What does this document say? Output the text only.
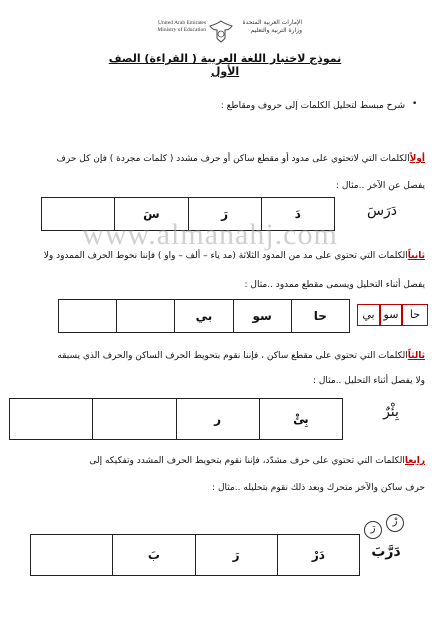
United Arab Emirates
Ministry of Education
الإمارات العربية المتحدة
وزارة التربية والتعليم
نموذج لاختبار اللغة العربية ( القراءة) الصف الأول
•
شرح مبسط لتحليل الكلمات إلى حروف ومقاطع :
أولاًالكلمات التي لاتحتوي على مدود أو مقطع ساكن أو حرف مشدد ( كلمات مجردة ) فإن كل حرف
يفصل عن الآخر ..مثال :
دَرَسَ
	سَ	رَ	دَ
ثانياًالكلمات التي تحتوي على مد من المدود الثلاثة (مد ياء – ألف – واو ) فإننا نحوط الحرف الممدود ولا
يفصل أثناء التحليل ويسمى مقطع ممدود ..مثال :
حا
سو
بي
		بي	سو	حا
www.almanahj.com
ثالثاًالكلمات التي تحتوي على مقطع ساكن ، فإننا نقوم بتحويط الحرف الساكن والحرف الذي يسبقه
ولا يفصل أثناء التحليل ..مثال :
بِئْرٌ
		ر	بِئْ
رابعاالكلمات التي تحتوي على حرف مشدّد، فإننا نقوم بتحويط الحرف المشدد وتفكيكه إلى
حرف ساكن والآخر متحرك وبعد ذلك نقوم بتحليله ..مثال :
رَ
رْ
دَرَّبَ
	بَ	رَ	دَرْ
